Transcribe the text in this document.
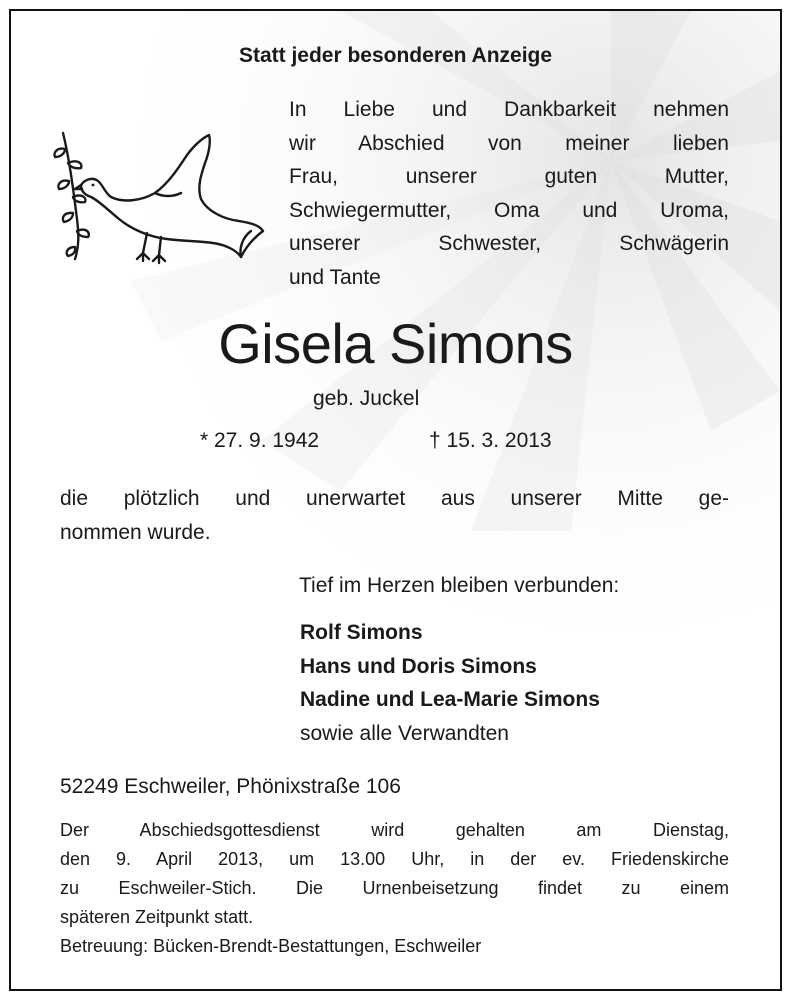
Statt jeder besonderen Anzeige
In Liebe und Dankbarkeit nehmen
wir Abschied von meiner lieben
Frau, unserer guten Mutter,
Schwiegermutter, Oma und Uroma,
unserer Schwester, Schwägerin
und Tante
Gisela Simons
geb. Juckel
* 27. 9. 1942	† 15. 3. 2013
die plötzlich und unerwartet aus unserer Mitte ge-
nommen wurde.
Tief im Herzen bleiben verbunden:
Rolf Simons
Hans und Doris Simons
Nadine und Lea-Marie Simons
sowie alle Verwandten
52249 Eschweiler, Phönixstraße 106
Der Abschiedsgottesdienst wird gehalten am Dienstag,
den 9. April 2013, um 13.00 Uhr, in der ev. Friedenskirche
zu Eschweiler-Stich. Die Urnenbeisetzung findet zu einem
späteren Zeitpunkt statt.
Betreuung: Bücken-Brendt-Bestattungen, Eschweiler
